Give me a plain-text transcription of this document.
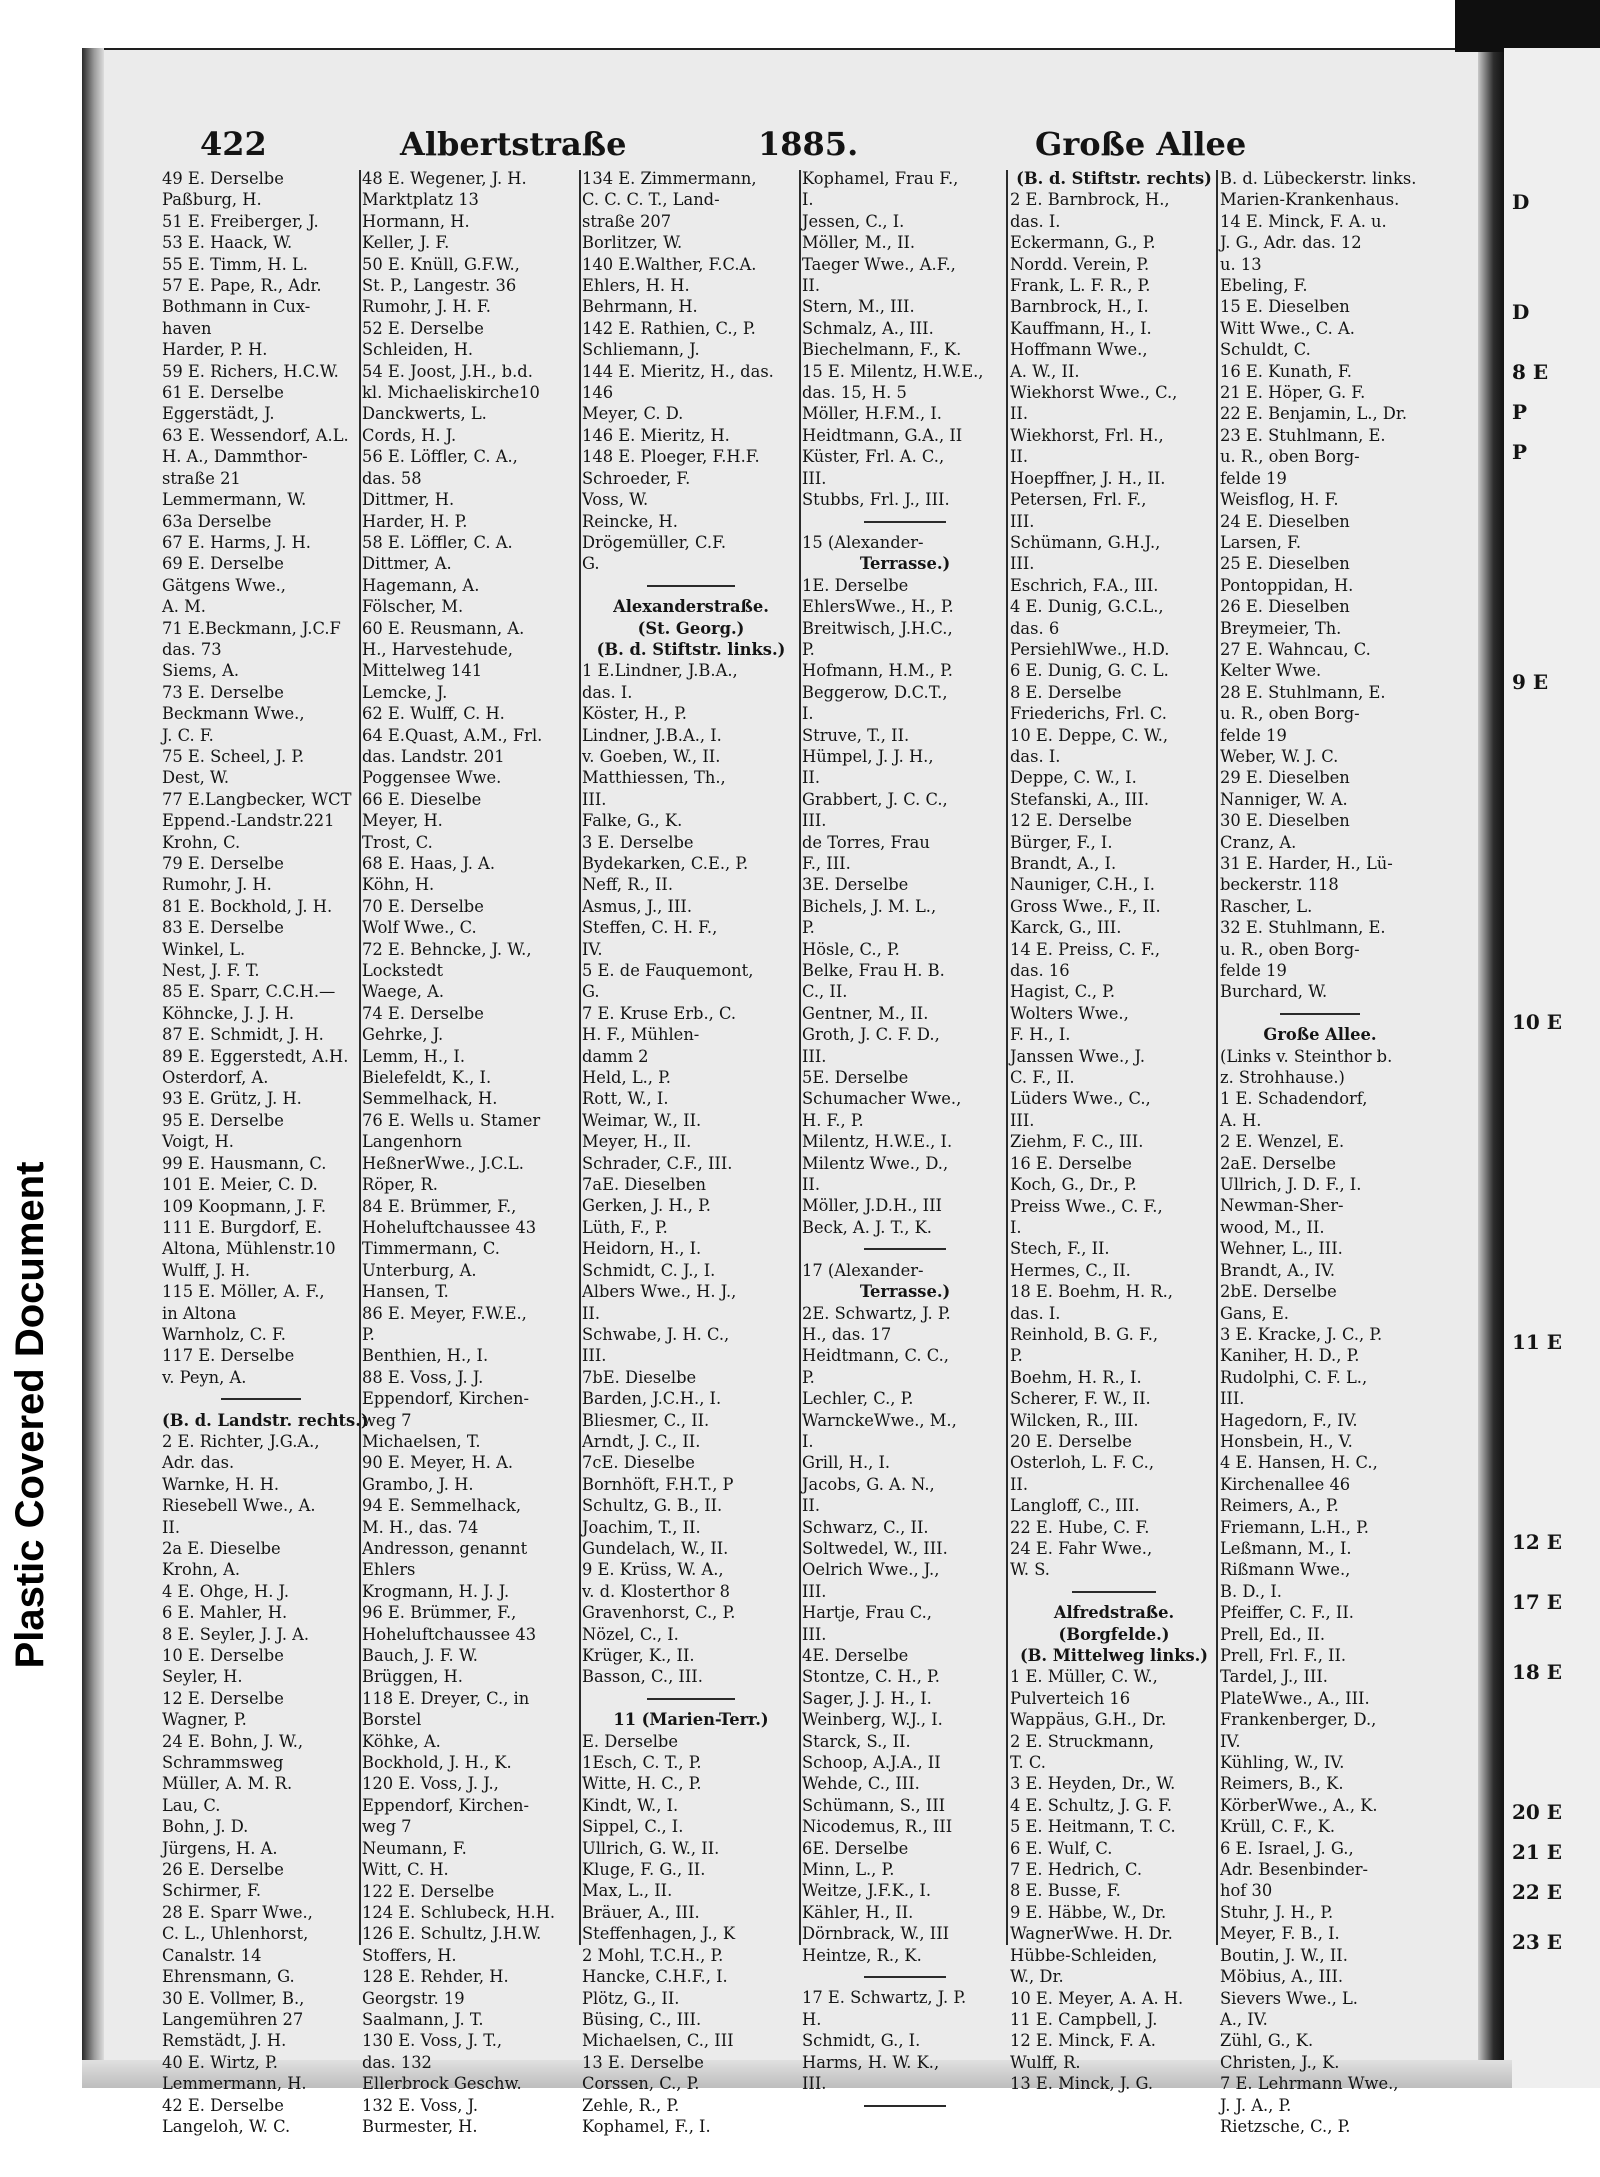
D
D
8 E
P
P
9 E
10 E
11 E
12 E
17 E
18 E
20 E
21 E
22 E
23 E
Plastic Covered Document
422	Albertstraße	1885.	Große Allee
49 E. Derselbe
Paßburg, H.
51 E. Freiberger, J.
53 E. Haack, W.
55 E. Timm, H. L.
57 E. Pape, R., Adr.
Bothmann in Cux-
haven
Harder, P. H.
59 E. Richers, H.C.W.
61 E. Derselbe
Eggerstädt, J.
63 E. Wessendorf, A.L.
H. A., Dammthor-
straße 21
Lemmermann, W.
63a Derselbe
67 E. Harms, J. H.
69 E. Derselbe
Gätgens Wwe.,
A. M.
71 E.Beckmann, J.C.F
das. 73
Siems, A.
73 E. Derselbe
Beckmann Wwe.,
J. C. F.
75 E. Scheel, J. P.
Dest, W.
77 E.Langbecker, WCT
Eppend.-Landstr.221
Krohn, C.
79 E. Derselbe
Rumohr, J. H.
81 E. Bockhold, J. H.
83 E. Derselbe
Winkel, L.
Nest, J. F. T.
85 E. Sparr, C.C.H.—
Köhncke, J. J. H.
87 E. Schmidt, J. H.
89 E. Eggerstedt, A.H.
Osterdorf, A.
93 E. Grütz, J. H.
95 E. Derselbe
Voigt, H.
99 E. Hausmann, C.
101 E. Meier, C. D.
109 Koopmann, J. F.
111 E. Burgdorf, E.
Altona, Mühlenstr.10
Wulff, J. H.
115 E. Möller, A. F.,
in Altona
Warnholz, C. F.
117 E. Derselbe
v. Peyn, A.
(B. d. Landstr. rechts.)
2 E. Richter, J.G.A.,
Adr. das.
Warnke, H. H.
Riesebell Wwe., A.
II.
2a E. Dieselbe
Krohn, A.
4 E. Ohge, H. J.
6 E. Mahler, H.
8 E. Seyler, J. J. A.
10 E. Derselbe
Seyler, H.
12 E. Derselbe
Wagner, P.
24 E. Bohn, J. W.,
Schrammsweg
Müller, A. M. R.
Lau, C.
Bohn, J. D.
Jürgens, H. A.
26 E. Derselbe
Schirmer, F.
28 E. Sparr Wwe.,
C. L., Uhlenhorst,
Canalstr. 14
Ehrensmann, G.
30 E. Vollmer, B.,
Langemühren 27
Remstädt, J. H.
40 E. Wirtz, P.
Lemmermann, H.
42 E. Derselbe
Langeloh, W. C.
48 E. Wegener, J. H.
Marktplatz 13
Hormann, H.
Keller, J. F.
50 E. Knüll, G.F.W.,
St. P., Langestr. 36
Rumohr, J. H. F.
52 E. Derselbe
Schleiden, H.
54 E. Joost, J.H., b.d.
kl. Michaeliskirche10
Danckwerts, L.
Cords, H. J.
56 E. Löffler, C. A.,
das. 58
Dittmer, H.
Harder, H. P.
58 E. Löffler, C. A.
Dittmer, A.
Hagemann, A.
Fölscher, M.
60 E. Reusmann, A.
H., Harvestehude,
Mittelweg 141
Lemcke, J.
62 E. Wulff, C. H.
64 E.Quast, A.M., Frl.
das. Landstr. 201
Poggensee Wwe.
66 E. Dieselbe
Meyer, H.
Trost, C.
68 E. Haas, J. A.
Köhn, H.
70 E. Derselbe
Wolf Wwe., C.
72 E. Behncke, J. W.,
Lockstedt
Waege, A.
74 E. Derselbe
Gehrke, J.
Lemm, H., I.
Bielefeldt, K., I.
Semmelhack, H.
76 E. Wells u. Stamer
Langenhorn
HeßnerWwe., J.C.L.
Röper, R.
84 E. Brümmer, F.,
Hoheluftchaussee 43
Timmermann, C.
Unterburg, A.
Hansen, T.
86 E. Meyer, F.W.E.,
P.
Benthien, H., I.
88 E. Voss, J. J.
Eppendorf, Kirchen-
weg 7
Michaelsen, T.
90 E. Meyer, H. A.
Grambo, J. H.
94 E. Semmelhack,
M. H., das. 74
Andresson, genannt
Ehlers
Krogmann, H. J. J.
96 E. Brümmer, F.,
Hoheluftchaussee 43
Bauch, J. F. W.
Brüggen, H.
118 E. Dreyer, C., in
Borstel
Köhke, A.
Bockhold, J. H., K.
120 E. Voss, J. J.,
Eppendorf, Kirchen-
weg 7
Neumann, F.
Witt, C. H.
122 E. Derselbe
124 E. Schlubeck, H.H.
126 E. Schultz, J.H.W.
Stoffers, H.
128 E. Rehder, H.
Georgstr. 19
Saalmann, J. T.
130 E. Voss, J. T.,
das. 132
Ellerbrock Geschw.
132 E. Voss, J.
Burmester, H.
134 E. Zimmermann,
C. C. C. T., Land-
straße 207
Borlitzer, W.
140 E.Walther, F.C.A.
Ehlers, H. H.
Behrmann, H.
142 E. Rathien, C., P.
Schliemann, J.
144 E. Mieritz, H., das.
146
Meyer, C. D.
146 E. Mieritz, H.
148 E. Ploeger, F.H.F.
Schroeder, F.
Voss, W.
Reincke, H.
Drögemüller, C.F.
G.
Alexanderstraße.
(St. Georg.)
(B. d. Stiftstr. links.)
1 E.Lindner, J.B.A.,
das. I.
Köster, H., P.
Lindner, J.B.A., I.
v. Goeben, W., II.
Matthiessen, Th.,
III.
Falke, G., K.
3 E. Derselbe
Bydekarken, C.E., P.
Neff, R., II.
Asmus, J., III.
Steffen, C. H. F.,
IV.
5 E. de Fauquemont,
G.
7 E. Kruse Erb., C.
H. F., Mühlen-
damm 2
Held, L., P.
Rott, W., I.
Weimar, W., II.
Meyer, H., II.
Schrader, C.F., III.
7aE. Dieselben
Gerken, J. H., P.
Lüth, F., P.
Heidorn, H., I.
Schmidt, C. J., I.
Albers Wwe., H. J.,
II.
Schwabe, J. H. C.,
III.
7bE. Dieselbe
Barden, J.C.H., I.
Bliesmer, C., II.
Arndt, J. C., II.
7cE. Dieselbe
Bornhöft, F.H.T., P
Schultz, G. B., II.
Joachim, T., II.
Gundelach, W., II.
9 E. Krüss, W. A.,
v. d. Klosterthor 8
Gravenhorst, C., P.
Nözel, C., I.
Krüger, K., II.
Basson, C., III.
11 (Marien-Terr.)
E. Derselbe
1Esch, C. T., P.
Witte, H. C., P.
Kindt, W., I.
Sippel, C., I.
Ullrich, G. W., II.
Kluge, F. G., II.
Max, L., II.
Bräuer, A., III.
Steffenhagen, J., K
2 Mohl, T.C.H., P.
Hancke, C.H.F., I.
Plötz, G., II.
Büsing, C., III.
Michaelsen, C., III
13 E. Derselbe
Corssen, C., P.
Zehle, R., P.
Kophamel, F., I.
Kophamel, Frau F.,
I.
Jessen, C., I.
Möller, M., II.
Taeger Wwe., A.F.,
II.
Stern, M., III.
Schmalz, A., III.
Biechelmann, F., K.
15 E. Milentz, H.W.E.,
das. 15, H. 5
Möller, H.F.M., I.
Heidtmann, G.A., II
Küster, Frl. A. C.,
III.
Stubbs, Frl. J., III.
15 (Alexander-
Terrasse.)
1E. Derselbe
EhlersWwe., H., P.
Breitwisch, J.H.C.,
P.
Hofmann, H.M., P.
Beggerow, D.C.T.,
I.
Struve, T., II.
Hümpel, J. J. H.,
II.
Grabbert, J. C. C.,
III.
de Torres, Frau
F., III.
3E. Derselbe
Bichels, J. M. L.,
P.
Hösle, C., P.
Belke, Frau H. B.
C., II.
Gentner, M., II.
Groth, J. C. F. D.,
III.
5E. Derselbe
Schumacher Wwe.,
H. F., P.
Milentz, H.W.E., I.
Milentz Wwe., D.,
II.
Möller, J.D.H., III
Beck, A. J. T., K.
17 (Alexander-
Terrasse.)
2E. Schwartz, J. P.
H., das. 17
Heidtmann, C. C.,
P.
Lechler, C., P.
WarnckeWwe., M.,
I.
Grill, H., I.
Jacobs, G. A. N.,
II.
Schwarz, C., II.
Soltwedel, W., III.
Oelrich Wwe., J.,
III.
Hartje, Frau C.,
III.
4E. Derselbe
Stontze, C. H., P.
Sager, J. J. H., I.
Weinberg, W.J., I.
Starck, S., II.
Schoop, A.J.A., II
Wehde, C., III.
Schümann, S., III
Nicodemus, R., III
6E. Derselbe
Minn, L., P.
Weitze, J.F.K., I.
Kähler, H., II.
Dörnbrack, W., III
Heintze, R., K.
17 E. Schwartz, J. P.
H.
Schmidt, G., I.
Harms, H. W. K.,
III.
(B. d. Stiftstr. rechts)
2 E. Barnbrock, H.,
das. I.
Eckermann, G., P.
Nordd. Verein, P.
Frank, L. F. R., P.
Barnbrock, H., I.
Kauffmann, H., I.
Hoffmann Wwe.,
A. W., II.
Wiekhorst Wwe., C.,
II.
Wiekhorst, Frl. H.,
II.
Hoepffner, J. H., II.
Petersen, Frl. F.,
III.
Schümann, G.H.J.,
III.
Eschrich, F.A., III.
4 E. Dunig, G.C.L.,
das. 6
PersiehlWwe., H.D.
6 E. Dunig, G. C. L.
8 E. Derselbe
Friederichs, Frl. C.
10 E. Deppe, C. W.,
das. I.
Deppe, C. W., I.
Stefanski, A., III.
12 E. Derselbe
Bürger, F., I.
Brandt, A., I.
Nauniger, C.H., I.
Gross Wwe., F., II.
Karck, G., III.
14 E. Preiss, C. F.,
das. 16
Hagist, C., P.
Wolters Wwe.,
F. H., I.
Janssen Wwe., J.
C. F., II.
Lüders Wwe., C.,
III.
Ziehm, F. C., III.
16 E. Derselbe
Koch, G., Dr., P.
Preiss Wwe., C. F.,
I.
Stech, F., II.
Hermes, C., II.
18 E. Boehm, H. R.,
das. I.
Reinhold, B. G. F.,
P.
Boehm, H. R., I.
Scherer, F. W., II.
Wilcken, R., III.
20 E. Derselbe
Osterloh, L. F. C.,
II.
Langloff, C., III.
22 E. Hube, C. F.
24 E. Fahr Wwe.,
W. S.
Alfredstraße.
(Borgfelde.)
(B. Mittelweg links.)
1 E. Müller, C. W.,
Pulverteich 16
Wappäus, G.H., Dr.
2 E. Struckmann,
T. C.
3 E. Heyden, Dr., W.
4 E. Schultz, J. G. F.
5 E. Heitmann, T. C.
6 E. Wulf, C.
7 E. Hedrich, C.
8 E. Busse, F.
9 E. Häbbe, W., Dr.
WagnerWwe. H. Dr.
Hübbe-Schleiden,
W., Dr.
10 E. Meyer, A. A. H.
11 E. Campbell, J.
12 E. Minck, F. A.
Wulff, R.
13 E. Minck, J. G.
B. d. Lübeckerstr. links.
Marien-Krankenhaus.
14 E. Minck, F. A. u.
J. G., Adr. das. 12
u. 13
Ebeling, F.
15 E. Dieselben
Witt Wwe., C. A.
Schuldt, C.
16 E. Kunath, F.
21 E. Höper, G. F.
22 E. Benjamin, L., Dr.
23 E. Stuhlmann, E.
u. R., oben Borg-
felde 19
Weisflog, H. F.
24 E. Dieselben
Larsen, F.
25 E. Dieselben
Pontoppidan, H.
26 E. Dieselben
Breymeier, Th.
27 E. Wahncau, C.
Kelter Wwe.
28 E. Stuhlmann, E.
u. R., oben Borg-
felde 19
Weber, W. J. C.
29 E. Dieselben
Nanniger, W. A.
30 E. Dieselben
Cranz, A.
31 E. Harder, H., Lü-
beckerstr. 118
Rascher, L.
32 E. Stuhlmann, E.
u. R., oben Borg-
felde 19
Burchard, W.
Große Allee.
(Links v. Steinthor b.
z. Strohhause.)
1 E. Schadendorf,
A. H.
2 E. Wenzel, E.
2aE. Derselbe
Ullrich, J. D. F., I.
Newman-Sher-
wood, M., II.
Wehner, L., III.
Brandt, A., IV.
2bE. Derselbe
Gans, E.
3 E. Kracke, J. C., P.
Kaniher, H. D., P.
Rudolphi, C. F. L.,
III.
Hagedorn, F., IV.
Honsbein, H., V.
4 E. Hansen, H. C.,
Kirchenallee 46
Reimers, A., P.
Friemann, L.H., P.
Leßmann, M., I.
Rißmann Wwe.,
B. D., I.
Pfeiffer, C. F., II.
Prell, Ed., II.
Prell, Frl. F., II.
Tardel, J., III.
PlateWwe., A., III.
Frankenberger, D.,
IV.
Kühling, W., IV.
Reimers, B., K.
KörberWwe., A., K.
Krüll, C. F., K.
6 E. Israel, J. G.,
Adr. Besenbinder-
hof 30
Stuhr, J. H., P.
Meyer, F. B., I.
Boutin, J. W., II.
Möbius, A., III.
Sievers Wwe., L.
A., IV.
Zühl, G., K.
Christen, J., K.
7 E. Lehrmann Wwe.,
J. J. A., P.
Rietzsche, C., P.
